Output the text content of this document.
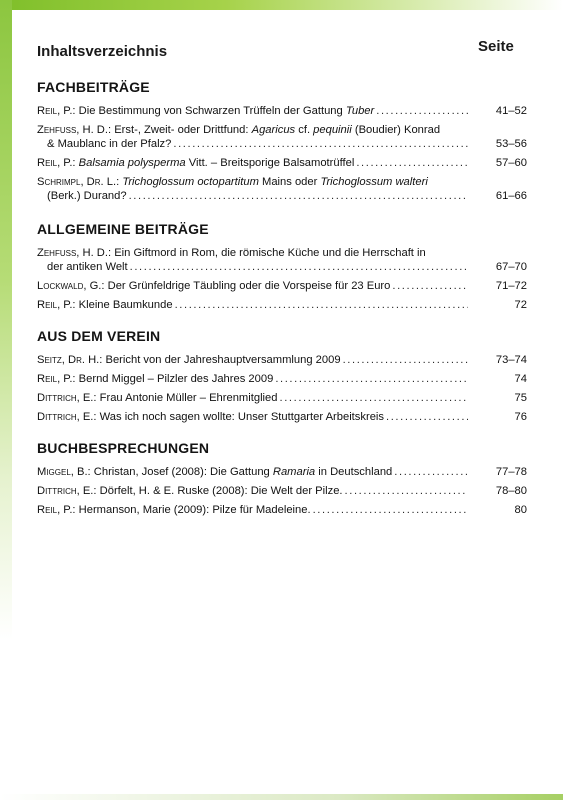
Inhaltsverzeichnis	Seite
FACHBEITRÄGE
Reil, P.: Die Bestimmung von Schwarzen Trüffeln der Gattung Tuber .....	41–52
Zehfuß, H. D.: Erst-, Zweit- oder Drittfund: Agaricus cf. pequinii (Boudier) Konrad
& Maublanc in der Pfalz? .....	53–56
Reil, P.: Balsamia polysperma Vitt. – Breitsporige Balsamotrüffel .....	57–60
Schrimpl, Dr. L.: Trichoglossum octopartitum Mains oder Trichoglossum walteri
(Berk.) Durand? .....	61–66
ALLGEMEINE BEITRÄGE
Zehfuß, H. D.: Ein Giftmord in Rom, die römische Küche und die Herrschaft in
der antiken Welt .....	67–70
Lockwald, G.: Der Grünfeldrige Täubling oder die Vorspeise für 23 Euro .....	71–72
Reil, P.: Kleine Baumkunde .....	72
AUS DEM VEREIN
Seitz, Dr. H.: Bericht von der Jahreshauptversammlung 2009 .....	73–74
Reil, P.: Bernd Miggel – Pilzler des Jahres 2009 .....	74
Dittrich, E.: Frau Antonie Müller – Ehrenmitglied .....	75
Dittrich, E.: Was ich noch sagen wollte: Unser Stuttgarter Arbeitskreis .....	76
BUCHBESPRECHUNGEN
Miggel, B.: Christan, Josef (2008): Die Gattung Ramaria in Deutschland .....	77–78
Dittrich, E.: Dörfelt, H. & E. Ruske (2008): Die Welt der Pilze. .....	78–80
Reil, P.: Hermanson, Marie (2009): Pilze für Madeleine. .....	80
